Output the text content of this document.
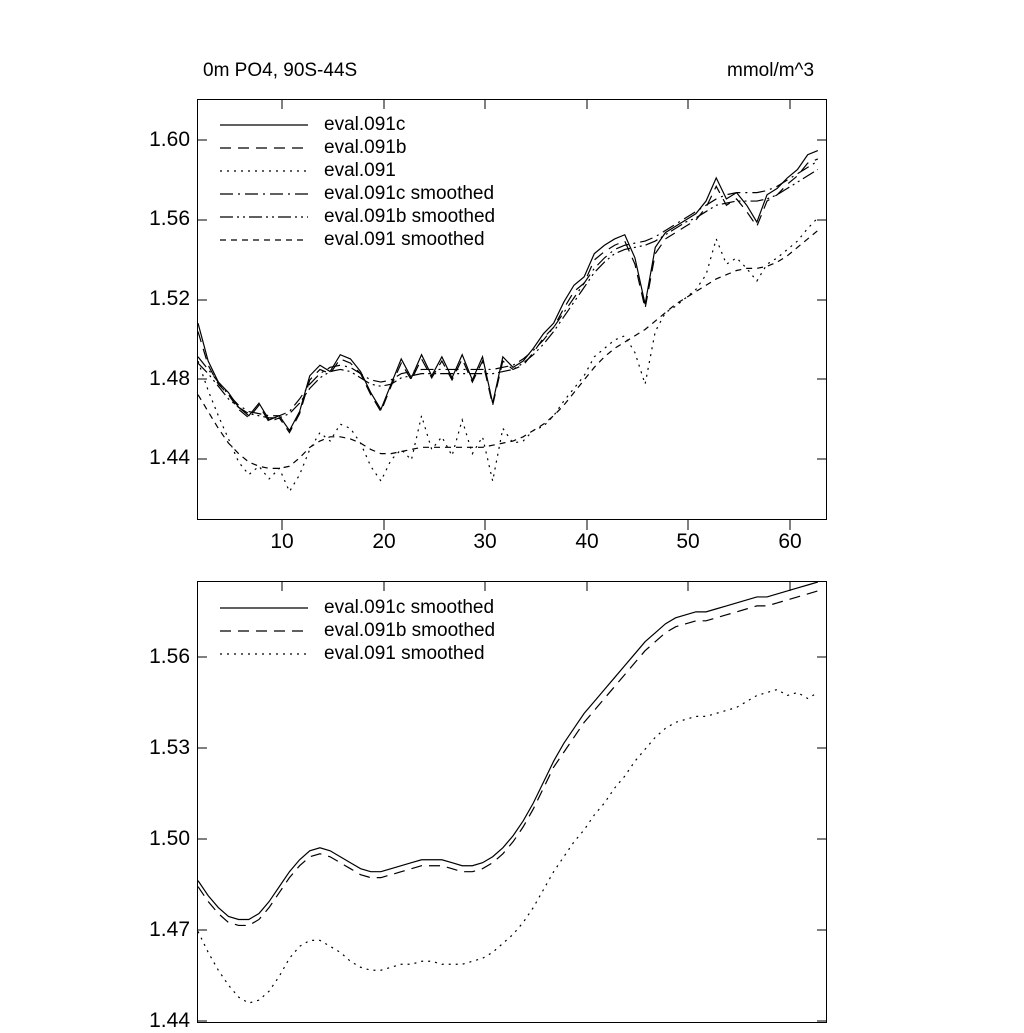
0m PO4, 90S-44S	mmol/m^3
1.60
1.56
1.52
1.48
1.44
10	20	30	40	50	60
eval.091c
eval.091b
eval.091
eval.091c smoothed
eval.091b smoothed
eval.091 smoothed
1.56
1.53
1.50
1.47
1.44
eval.091c smoothed
eval.091b smoothed
eval.091 smoothed
